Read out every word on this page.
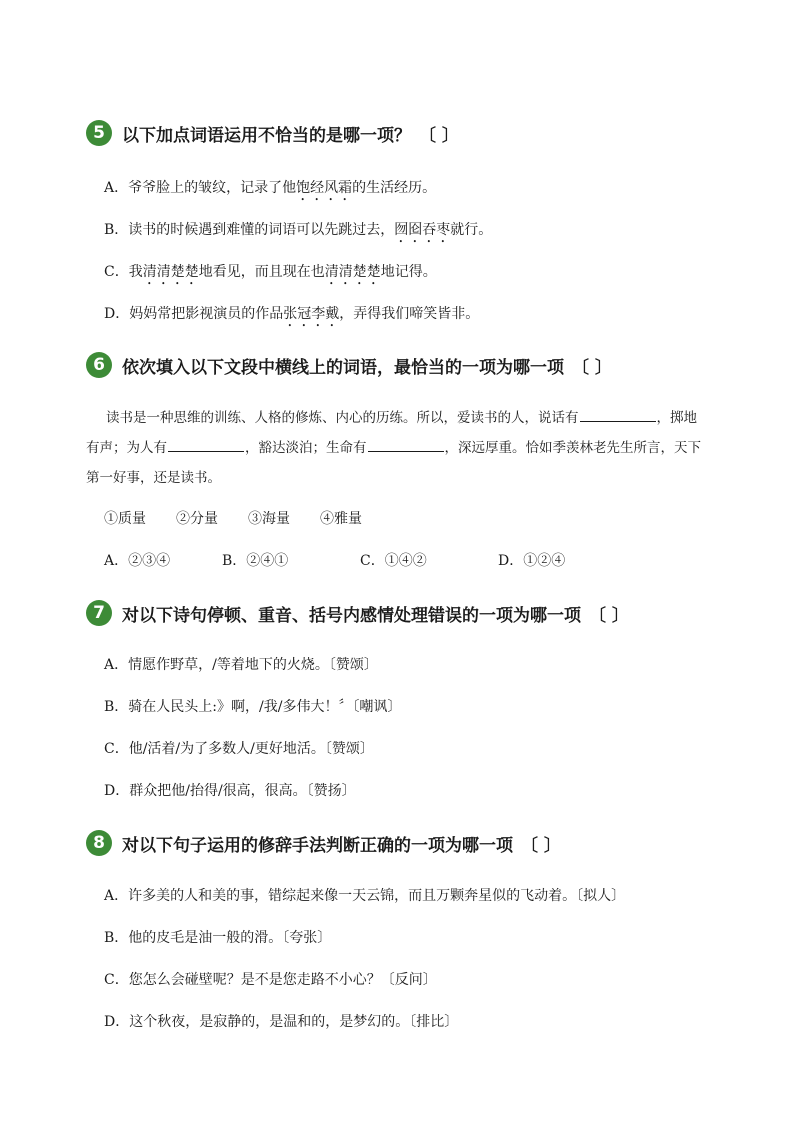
5	以下加点词语运用不恰当的是哪一项？ 〔 〕
A．爷爷脸上的皱纹，记录了他饱经风霜的生活经历。
B．读书的时候遇到难懂的词语可以先跳过去，囫囵吞枣就行。
C．我清清楚楚地看见，而且现在也清清楚楚地记得。
D．妈妈常把影视演员的作品张冠李戴，弄得我们啼笑皆非。
6	依次填入以下文段中横线上的词语，最恰当的一项为哪一项 〔 〕
读书是一种思维的训练、人格的修炼、内心的历练。所以，爱读书的人，说话有	，掷地有声；为人有	，豁达淡泊；生命有	，深远厚重。恰如季羡林老先生所言，天下第一好事，还是读书。
①质量	②分量	③海量	④雅量
A．②③④	B．②④①	C．①④②	D．①②④
7	对以下诗句停顿、重音、括号内感情处理错误的一项为哪一项 〔 〕
A．情愿作野草，/等着地下的火烧。〔赞颂〕
B．骑在人民头上:》啊，/我/多伟大！〞〔嘲讽〕
C．他/活着/为了多数人/更好地活。〔赞颂〕
D．群众把他/抬得/很高，很高。〔赞扬〕
8	对以下句子运用的修辞手法判断正确的一项为哪一项 〔 〕
A．许多美的人和美的事，错综起来像一天云锦，而且万颗奔星似的飞动着。〔拟人〕
B．他的皮毛是油一般的滑。〔夸张〕
C．您怎么会碰壁呢？是不是您走路不小心？〔反问〕
D．这个秋夜，是寂静的，是温和的，是梦幻的。〔排比〕
